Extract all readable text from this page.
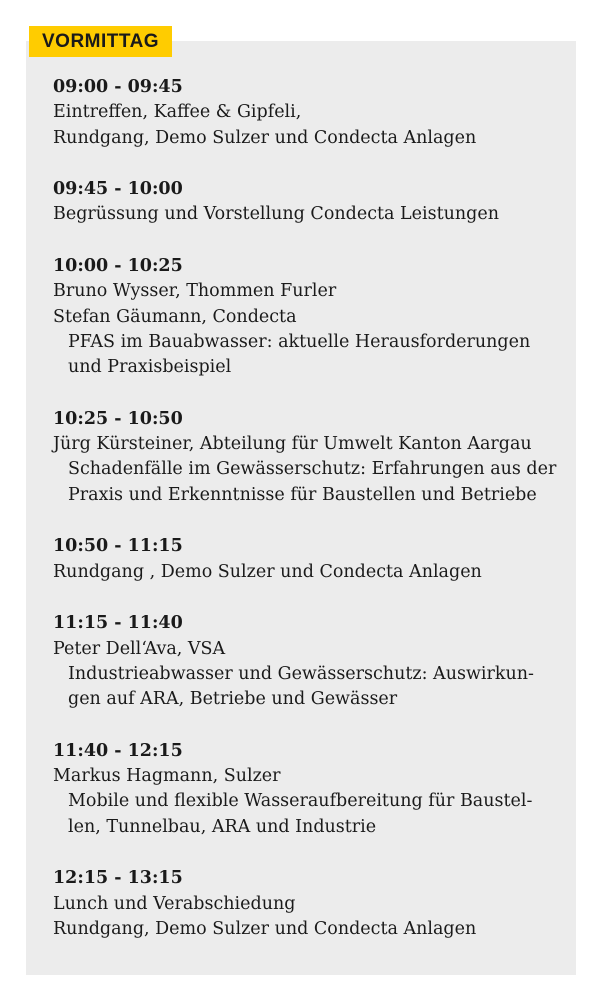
VORMITTAG
09:00 - 09:45
Eintreffen, Kaffee & Gipfeli,
Rundgang, Demo Sulzer und Condecta Anlagen
09:45 - 10:00
Begrüssung und Vorstellung Condecta Leistungen
10:00 - 10:25
Bruno Wysser, Thommen Furler
Stefan Gäumann, Condecta
PFAS im Bauabwasser: aktuelle Herausforderungen
und Praxisbeispiel
10:25 - 10:50
Jürg Kürsteiner, Abteilung für Umwelt Kanton Aargau
Schadenfälle im Gewässerschutz: Erfahrungen aus der
Praxis und Erkenntnisse für Baustellen und Betriebe
10:50 - 11:15
Rundgang , Demo Sulzer und Condecta Anlagen
11:15 - 11:40
Peter Dell‘Ava, VSA
Industrieabwasser und Gewässerschutz: Auswirkun-
gen auf ARA, Betriebe und Gewässer
11:40 - 12:15
Markus Hagmann, Sulzer
Mobile und flexible Wasseraufbereitung für Baustel-
len, Tunnelbau, ARA und Industrie
12:15 - 13:15
Lunch und Verabschiedung
Rundgang, Demo Sulzer und Condecta Anlagen
